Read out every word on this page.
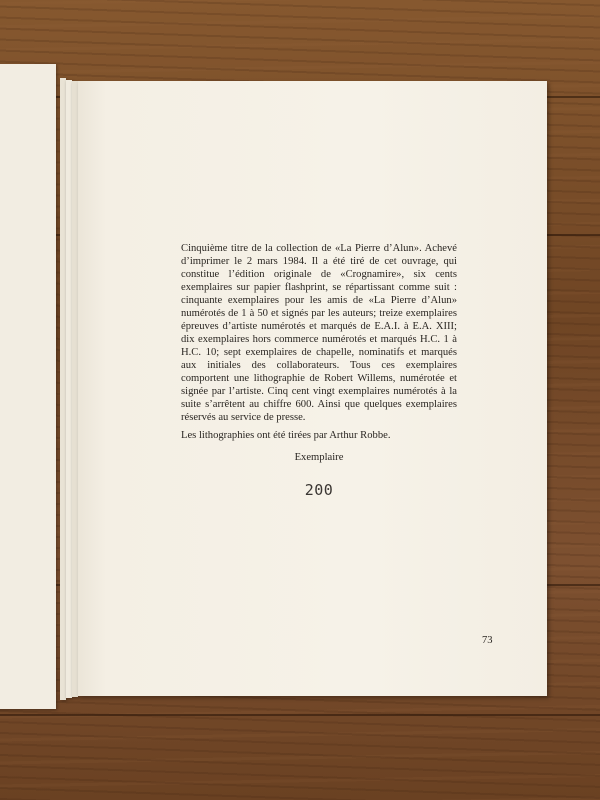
Cinquième titre de la collection de «La Pierre d’Alun». Achevé d’imprimer le 2 mars 1984. Il a été tiré de cet ouvrage, qui constitue l’édition originale de «Crognamire», six cents exemplaires sur papier flashprint, se répartissant comme suit : cinquante exemplaires pour les amis de «La Pierre d’Alun» numérotés de 1 à 50 et signés par les auteurs; treize exemplaires épreuves d’artiste numérotés et marqués de E.A.I. à E.A. XIII; dix exemplaires hors commerce numérotés et marqués H.C. 1 à H.C. 10; sept exemplaires de chapelle, nominatifs et marqués aux initiales des collaborateurs. Tous ces exemplaires comportent une lithographie de Robert Willems, numérotée et signée par l’artiste. Cinq cent vingt exemplaires numérotés à la suite s’arrêtent au chiffre 600. Ainsi que quelques exemplaires réservés au service de presse.

Les lithographies ont été tirées par Arthur Robbe.

Exemplaire
200
73
